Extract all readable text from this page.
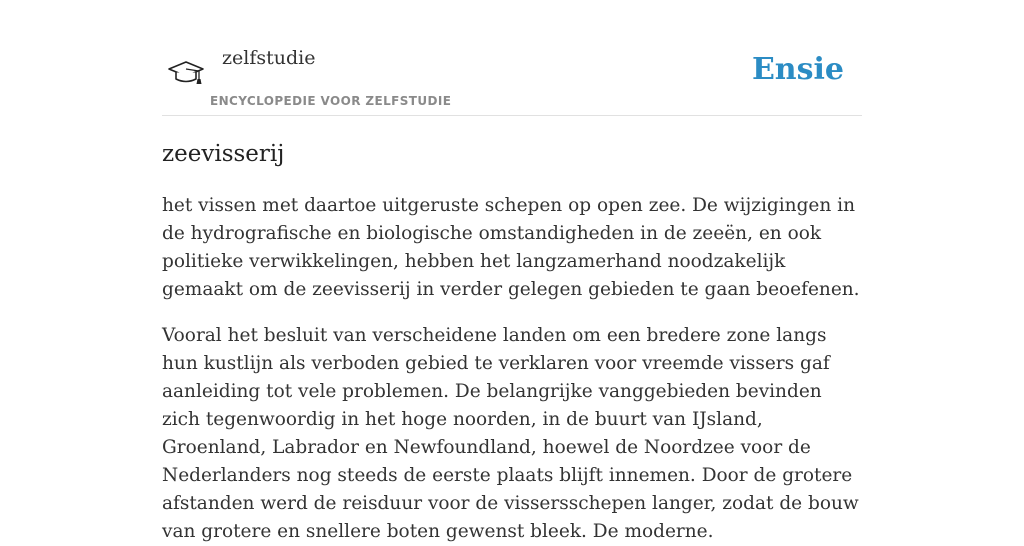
zelfstudie
ENCYCLOPEDIE VOOR ZELFSTUDIE
Ensie
zeevisserij

het vissen met daartoe uitgeruste schepen op open zee. De wijzigingen in de hydrografische en biologische omstandigheden in de zeeën, en ook politieke verwikkelingen, hebben het langzamerhand noodzakelijk gemaakt om de zeevisserij in verder gelegen gebieden te gaan beoefenen.

Vooral het besluit van verscheidene landen om een bredere zone langs hun kustlijn als verboden gebied te verklaren voor vreemde vissers gaf aanleiding tot vele problemen. De belangrijke vanggebieden bevinden zich tegenwoordig in het hoge noorden, in de buurt van IJsland, Groenland, Labrador en Newfoundland, hoewel de Noordzee voor de Nederlanders nog steeds de eerste plaats blijft innemen. Door de grotere afstanden werd de reisduur voor de vissersschepen langer, zodat de bouw van grotere en snellere boten gewenst bleek. De moderne.
